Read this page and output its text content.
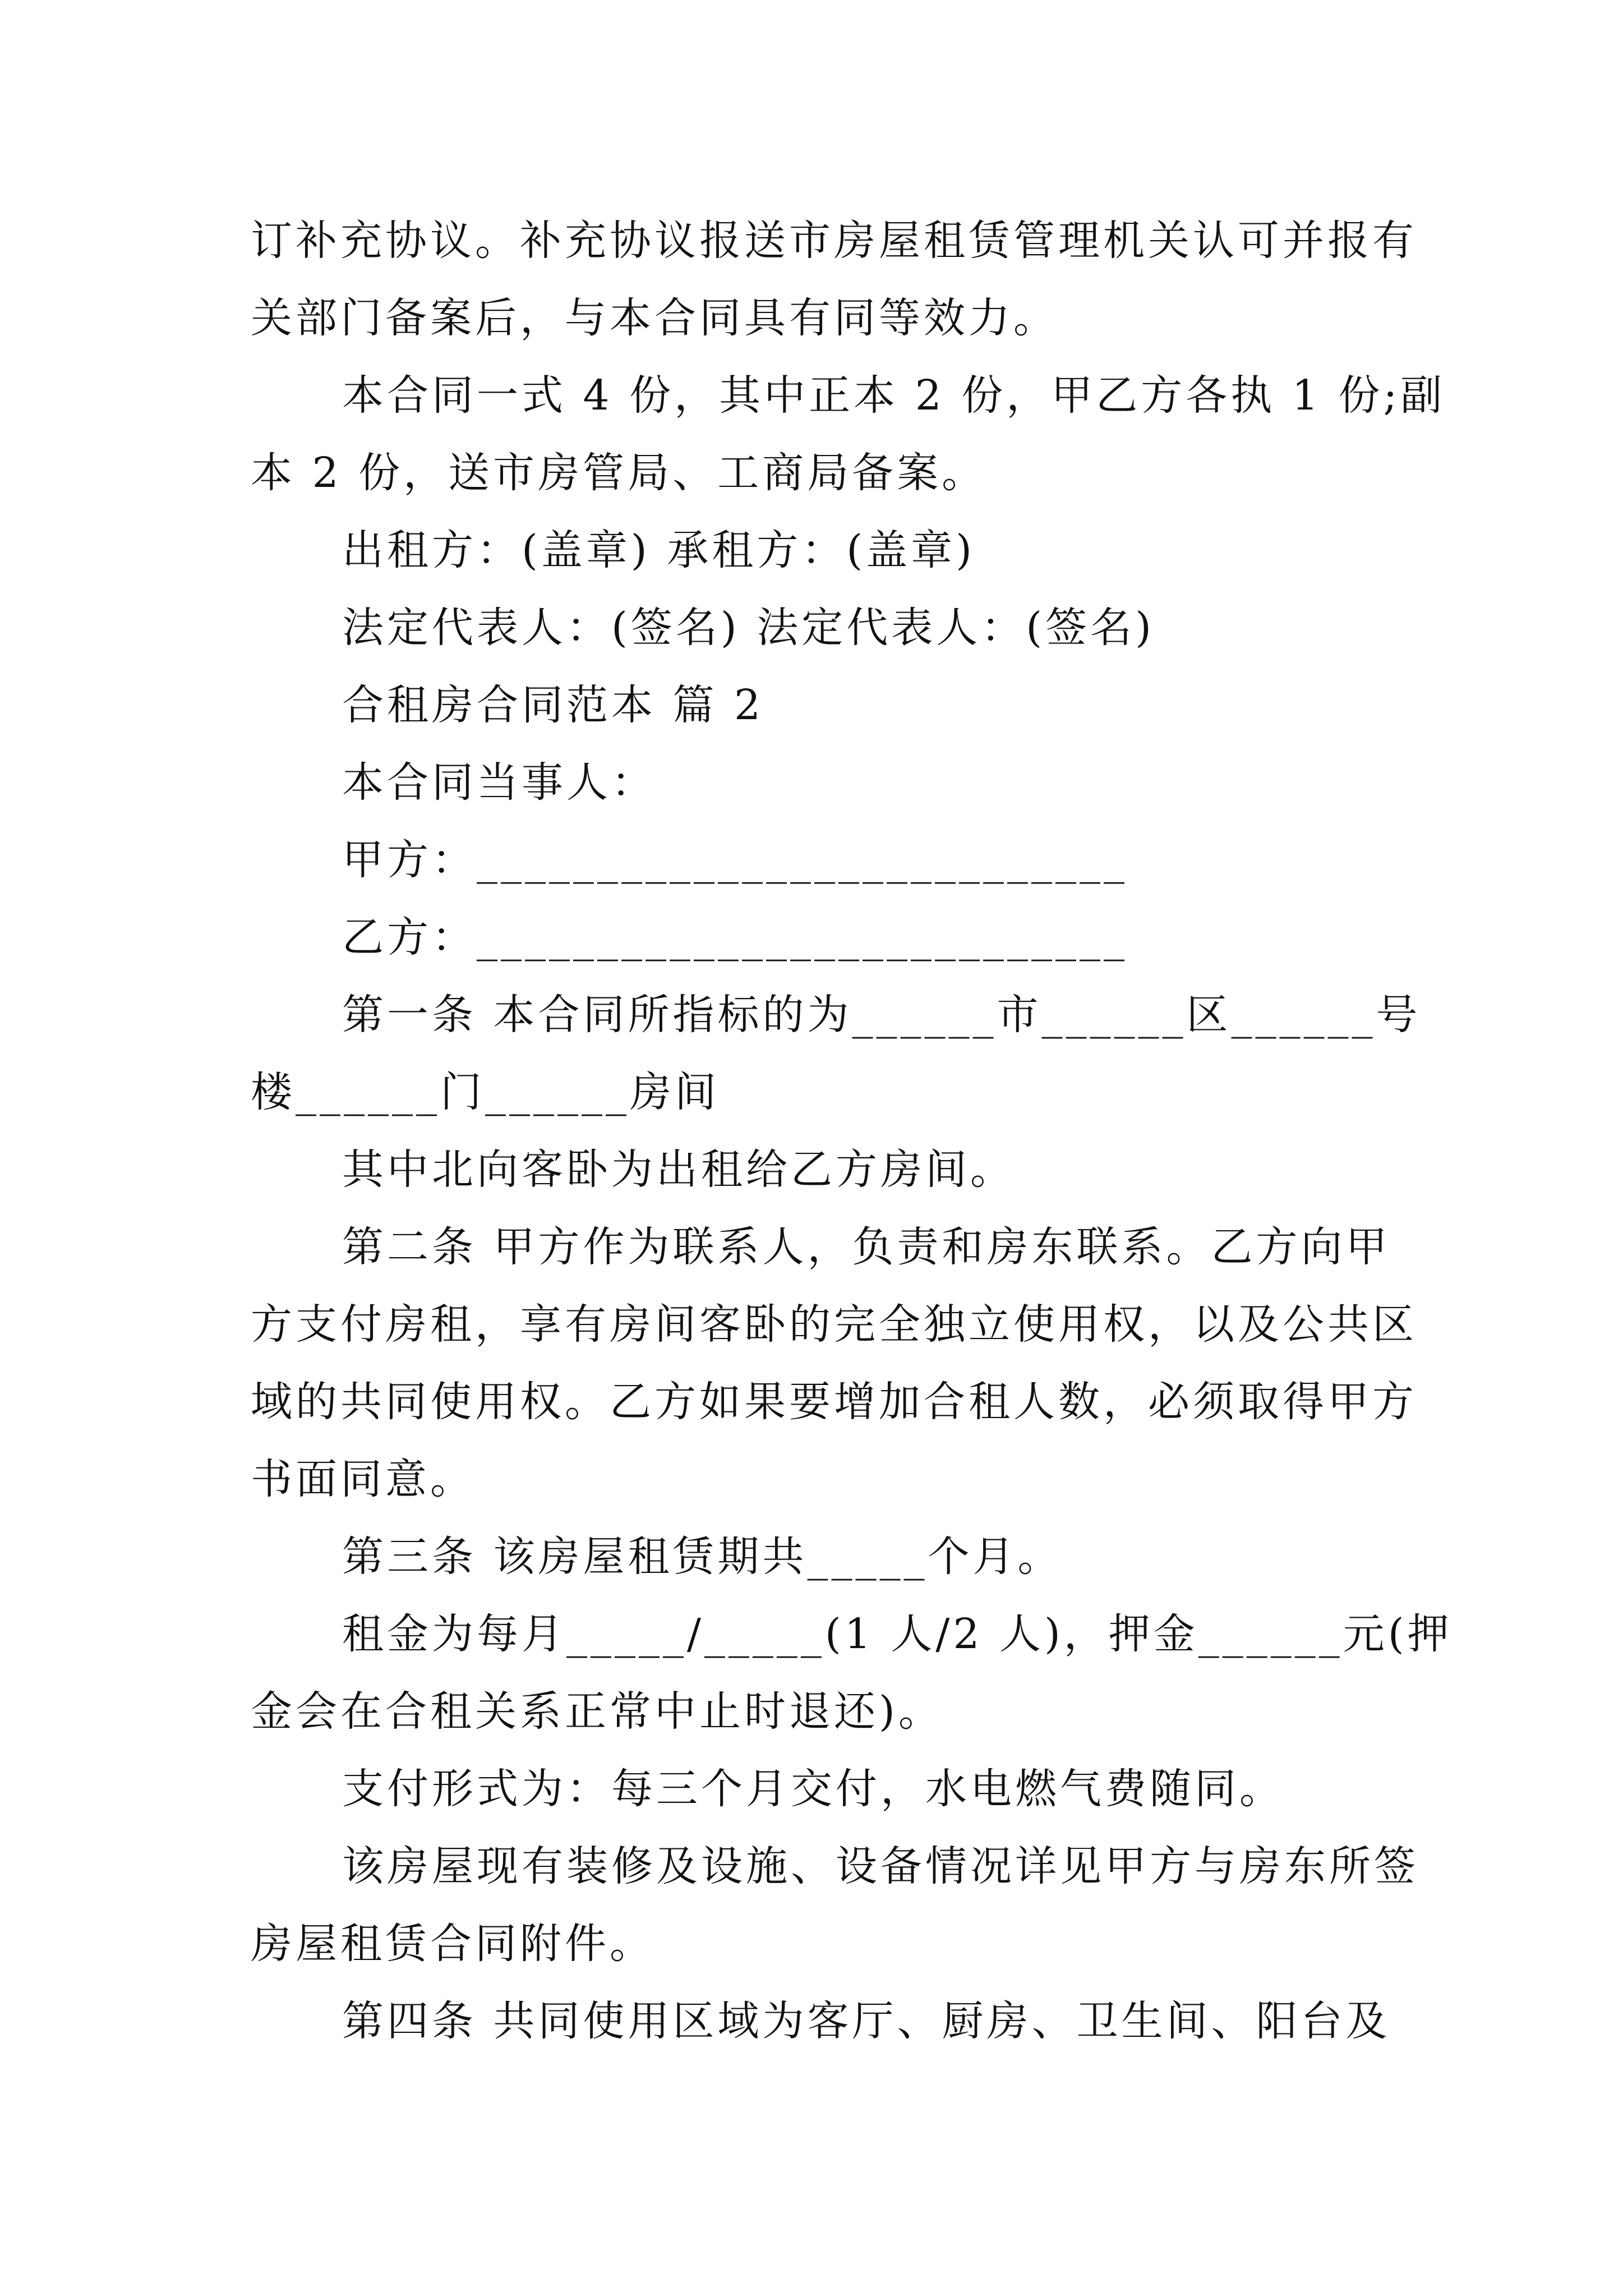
订补充协议。补充协议报送市房屋租赁管理机关认可并报有
关部门备案后，与本合同具有同等效力。
本合同一式 4 份，其中正本 2 份，甲乙方各执 1 份;副
本 2 份，送市房管局、工商局备案。
出租方：(盖章) 承租方：(盖章)
法定代表人：(签名) 法定代表人：(签名)
合租房合同范本 篇 2
本合同当事人：
甲方：___________________________
乙方：___________________________
第一条 本合同所指标的为______市______区______号
楼______门______房间
其中北向客卧为出租给乙方房间。
第二条 甲方作为联系人，负责和房东联系。乙方向甲
方支付房租，享有房间客卧的完全独立使用权，以及公共区
域的共同使用权。乙方如果要增加合租人数，必须取得甲方
书面同意。
第三条 该房屋租赁期共_____个月。
租金为每月_____/_____(1 人/2 人)，押金______元(押
金会在合租关系正常中止时退还)。
支付形式为：每三个月交付，水电燃气费随同。
该房屋现有装修及设施、设备情况详见甲方与房东所签
房屋租赁合同附件。
第四条 共同使用区域为客厅、厨房、卫生间、阳台及
